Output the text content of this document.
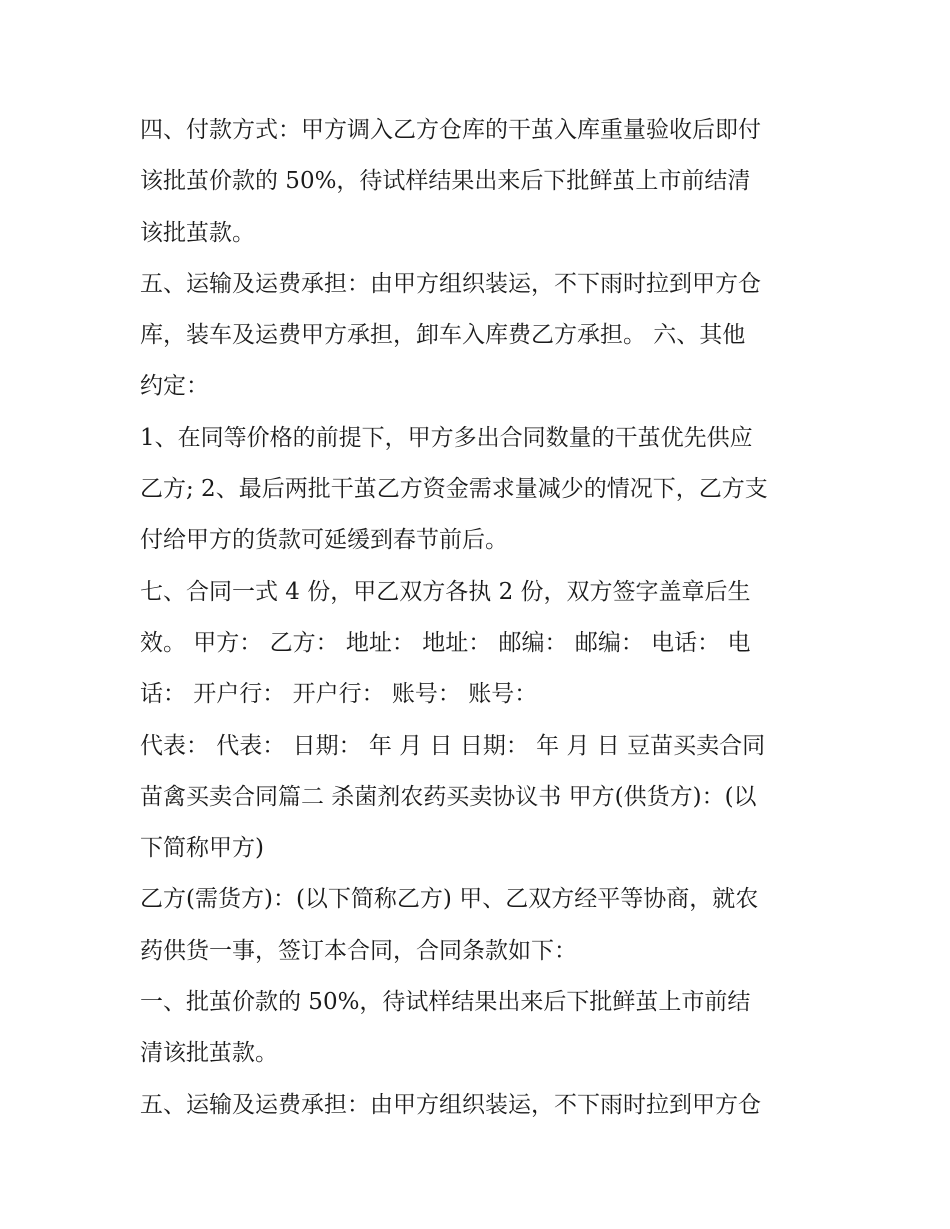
四、付款方式：甲方调入乙方仓库的干茧入库重量验收后即付
该批茧价款的 50%，待试样结果出来后下批鲜茧上市前结清
该批茧款。
五、运输及运费承担：由甲方组织装运，不下雨时拉到甲方仓
库，装车及运费甲方承担，卸车入库费乙方承担。 六、其他
约定：
1、在同等价格的前提下，甲方多出合同数量的干茧优先供应
乙方; 2、最后两批干茧乙方资金需求量减少的情况下，乙方支
付给甲方的货款可延缓到春节前后。
七、合同一式 4 份，甲乙双方各执 2 份，双方签字盖章后生
效。 甲方： 乙方： 地址： 地址： 邮编： 邮编： 电话： 电
话： 开户行： 开户行： 账号： 账号：
代表： 代表： 日期： 年 月 日 日期： 年 月 日 豆苗买卖合同
苗禽买卖合同篇二 杀菌剂农药买卖协议书 甲方(供货方)：(以
下简称甲方)
乙方(需货方)：(以下简称乙方) 甲、乙双方经平等协商，就农
药供货一事，签订本合同，合同条款如下：
一、批茧价款的 50%，待试样结果出来后下批鲜茧上市前结
清该批茧款。
五、运输及运费承担：由甲方组织装运，不下雨时拉到甲方仓
